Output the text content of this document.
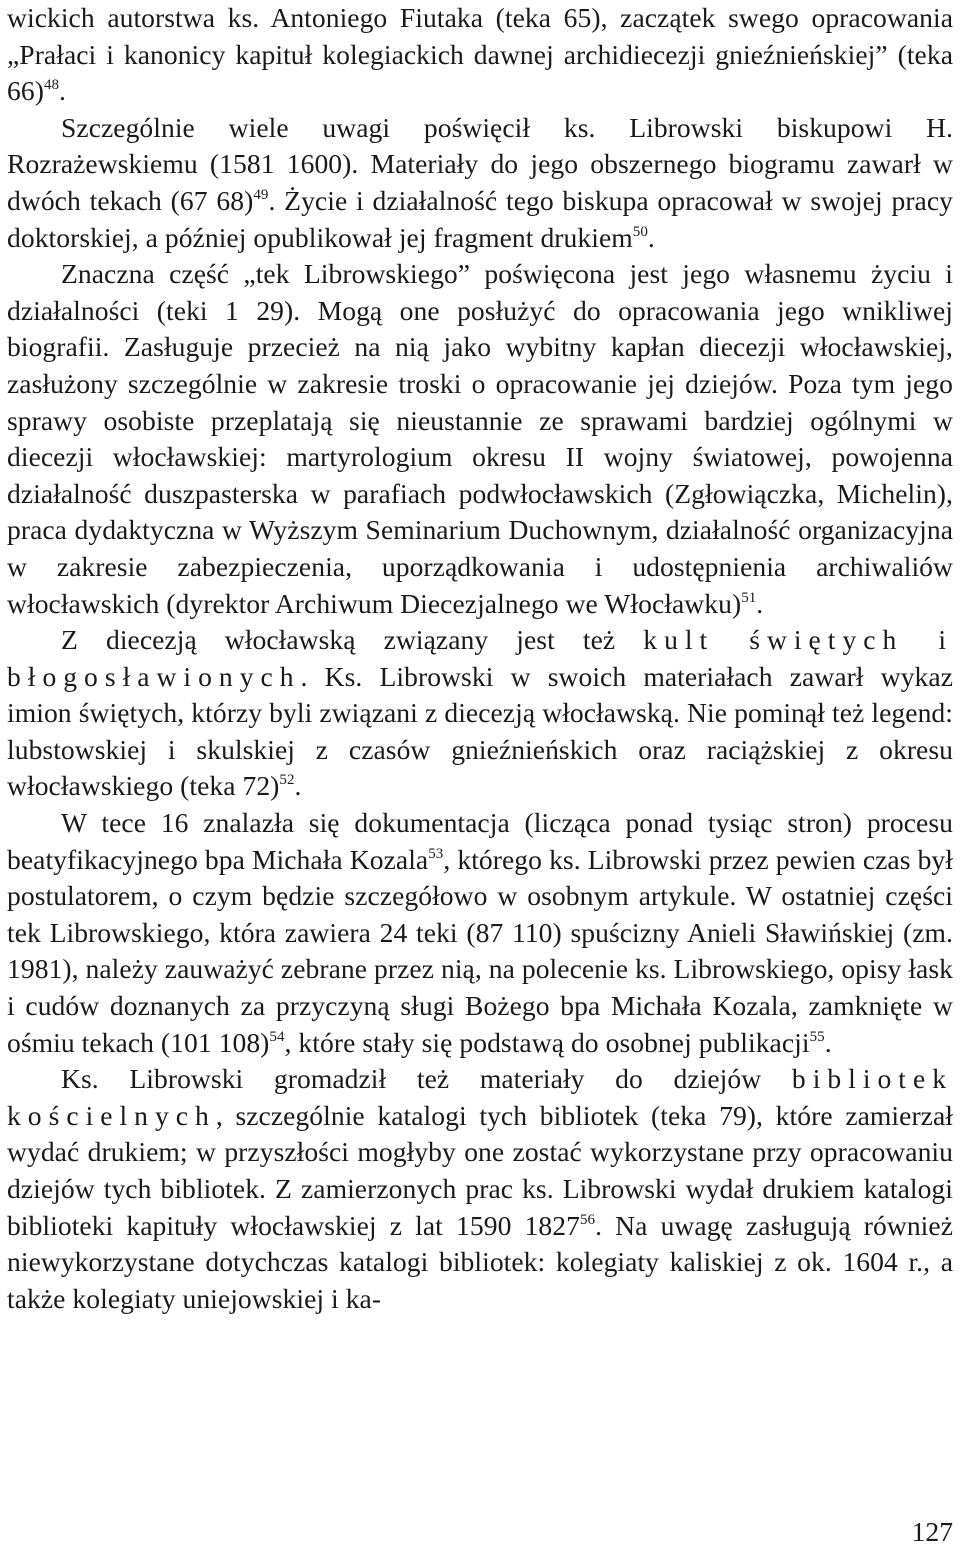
wickich autorstwa ks. Antoniego Fiutaka (teka 65), zaczątek swego opracowania „Prałaci i kanonicy kapituł kolegiackich dawnej archidiecezji gnieźnieńskiej” (teka 66)$^{48}$.

Szczególnie wiele uwagi poświęcił ks. Librowski biskupowi H. Rozrażewskiemu (1581 1600). Materiały do jego obszernego biogramu zawarł w dwóch tekach (67 68)$^{49}$. Życie i działalność tego biskupa opracował w swojej pracy doktorskiej, a później opublikował jej fragment drukiem$^{50}$.

Znaczna część „tek Librowskiego” poświęcona jest jego własnemu życiu i działalności (teki 1 29). Mogą one posłużyć do opracowania jego wnikliwej biografii. Zasługuje przecież na nią jako wybitny kapłan diecezji włocławskiej, zasłużony szczególnie w zakresie troski o opracowanie jej dziejów. Poza tym jego sprawy osobiste przeplatają się nieustannie ze sprawami bardziej ogólnymi w diecezji włocławskiej: martyrologium okresu II wojny światowej, powojenna działalność duszpasterska w parafiach podwłocławskich (Zgłowiączka, Michelin), praca dydaktyczna w Wyższym Seminarium Duchownym, działalność organizacyjna w zakresie zabezpieczenia, uporządkowania i udostępnienia archiwaliów włocławskich (dyrektor Archiwum Diecezjalnego we Włocławku)$^{51}$.

Z diecezją włocławską związany jest też kult świętych i błogosławionych. Ks. Librowski w swoich materiałach zawarł wykaz imion świętych, którzy byli związani z diecezją włocławską. Nie pominął też legend: lubstowskiej i skulskiej z czasów gnieźnieńskich oraz raciążskiej z okresu włocławskiego (teka 72)$^{52}$.

W tece 16 znalazła się dokumentacja (licząca ponad tysiąc stron) procesu beatyfikacyjnego bpa Michała Kozala$^{53}$, którego ks. Librowski przez pewien czas był postulatorem, o czym będzie szczegółowo w osobnym artykule. W ostatniej części tek Librowskiego, która zawiera 24 teki (87 110) spuścizny Anieli Sławińskiej (zm. 1981), należy zauważyć zebrane przez nią, na polecenie ks. Librowskiego, opisy łask i cudów doznanych za przyczyną sługi Bożego bpa Michała Kozala, zamknięte w ośmiu tekach (101 108)$^{54}$, które stały się podstawą do osobnej publikacji$^{55}$.

Ks. Librowski gromadził też materiały do dziejów bibliotek kościelnych, szczególnie katalogi tych bibliotek (teka 79), które zamierzał wydać drukiem; w przyszłości mogłyby one zostać wykorzystane przy opracowaniu dziejów tych bibliotek. Z zamierzonych prac ks. Librowski wydał drukiem katalogi biblioteki kapituły włocławskiej z lat 1590 1827$^{56}$. Na uwagę zasługują również niewykorzystane dotychczas katalogi bibliotek: kolegiaty kaliskiej z ok. 1604 r., a także kolegiaty uniejowskiej i ka-

127
